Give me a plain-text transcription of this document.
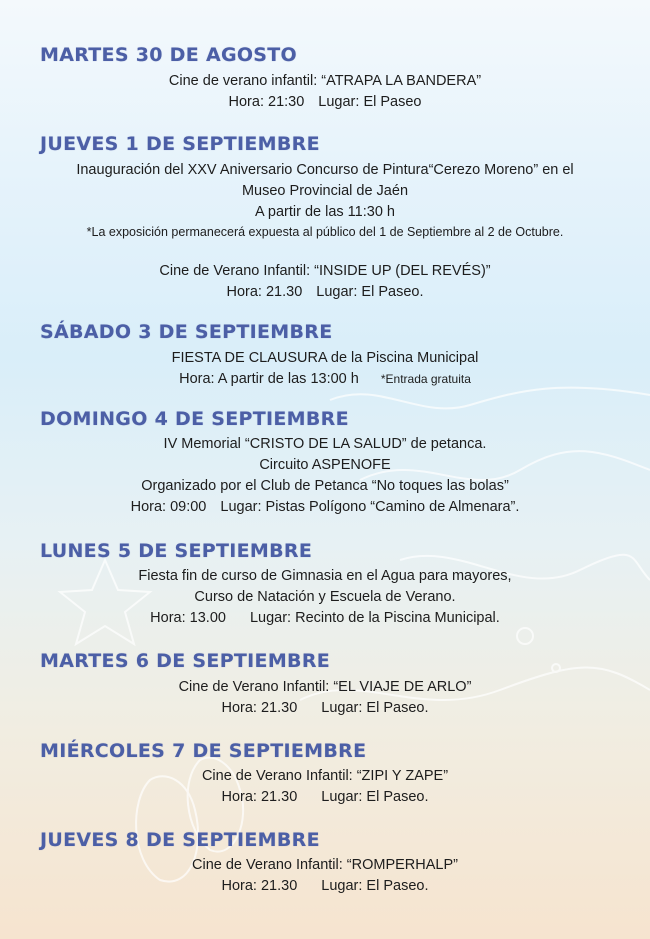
MARTES 30 DE AGOSTO
Cine de verano infantil: “ATRAPA LA BANDERA”
Hora: 21:30 Lugar: El Paseo
JUEVES 1 DE SEPTIEMBRE
Inauguración del XXV Aniversario Concurso de Pintura“Cerezo Moreno” en el
Museo Provincial de Jaén
A partir de las 11:30 h
*La exposición permanecerá expuesta al público del 1 de Septiembre al 2 de Octubre.
Cine de Verano Infantil: “INSIDE UP (DEL REVÉS)”
Hora: 21.30 Lugar: El Paseo.
SÁBADO 3 DE SEPTIEMBRE
FIESTA DE CLAUSURA de la Piscina Municipal
Hora: A partir de las 13:00 h *Entrada gratuita
DOMINGO 4 DE SEPTIEMBRE
IV Memorial “CRISTO DE LA SALUD” de petanca.
Circuito ASPENOFE
Organizado por el Club de Petanca “No toques las bolas”
Hora: 09:00 Lugar: Pistas Polígono “Camino de Almenara”.
LUNES 5 DE SEPTIEMBRE
Fiesta fin de curso de Gimnasia en el Agua para mayores,
Curso de Natación y Escuela de Verano.
Hora: 13.00 Lugar: Recinto de la Piscina Municipal.
MARTES 6 DE SEPTIEMBRE
Cine de Verano Infantil: “EL VIAJE DE ARLO”
Hora: 21.30 Lugar: El Paseo.
MIÉRCOLES 7 DE SEPTIEMBRE
Cine de Verano Infantil: “ZIPI Y ZAPE”
Hora: 21.30 Lugar: El Paseo.
JUEVES 8 DE SEPTIEMBRE
Cine de Verano Infantil: “ROMPERHALP”
Hora: 21.30 Lugar: El Paseo.
